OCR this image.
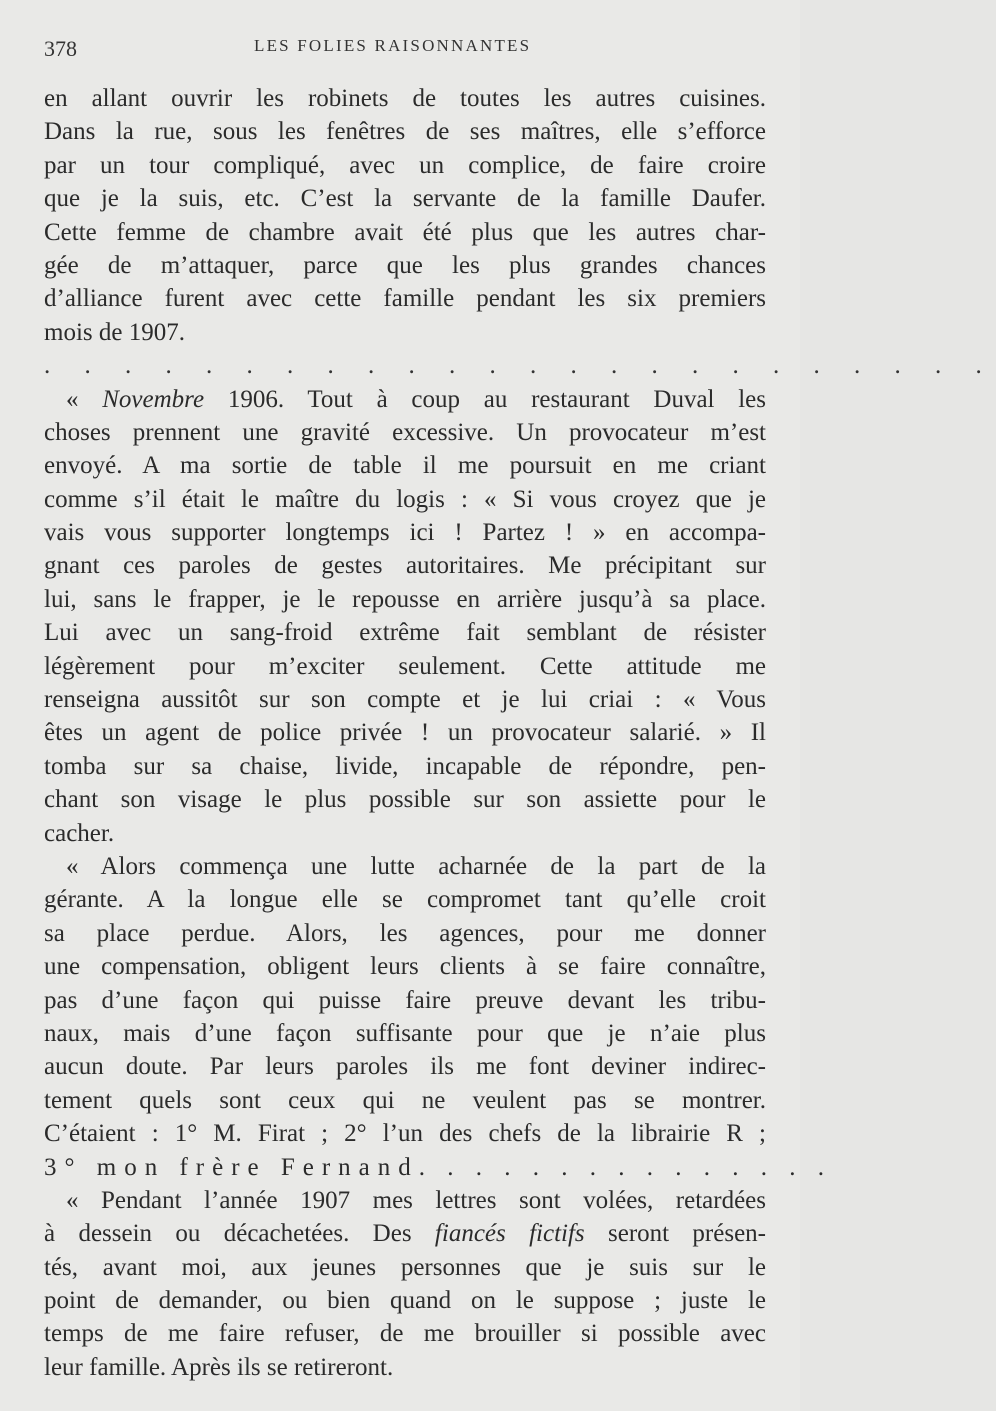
378	LES FOLIES RAISONNANTES
en allant ouvrir les robinets de toutes les autres cuisines.
Dans la rue, sous les fenêtres de ses maîtres, elle s’efforce
par un tour compliqué, avec un complice, de faire croire
que je la suis, etc. C’est la servante de la famille Daufer.
Cette femme de chambre avait été plus que les autres char-
gée de m’attaquer, parce que les plus grandes chances
d’alliance furent avec cette famille pendant les six premiers
mois de 1907.
. . . . . . . . . . . . . . . . . . . . . . . .
« Novembre 1906. Tout à coup au restaurant Duval les
choses prennent une gravité excessive. Un provocateur m’est
envoyé. A ma sortie de table il me poursuit en me criant
comme s’il était le maître du logis : « Si vous croyez que je
vais vous supporter longtemps ici ! Partez ! » en accompa-
gnant ces paroles de gestes autoritaires. Me précipitant sur
lui, sans le frapper, je le repousse en arrière jusqu’à sa place.
Lui avec un sang-froid extrême fait semblant de résister
légèrement pour m’exciter seulement. Cette attitude me
renseigna aussitôt sur son compte et je lui criai : « Vous
êtes un agent de police privée ! un provocateur salarié. » Il
tomba sur sa chaise, livide, incapable de répondre, pen-
chant son visage le plus possible sur son assiette pour le
cacher.
« Alors commença une lutte acharnée de la part de la
gérante. A la longue elle se compromet tant qu’elle croit
sa place perdue. Alors, les agences, pour me donner
une compensation, obligent leurs clients à se faire connaître,
pas d’une façon qui puisse faire preuve devant les tribu-
naux, mais d’une façon suffisante pour que je n’aie plus
aucun doute. Par leurs paroles ils me font deviner indirec-
tement quels sont ceux qui ne veulent pas se montrer.
C’étaient : 1° M. Firat ; 2° l’un des chefs de la librairie R ;
3° mon frère Fernand. . . . . . . . . . . . . . .
« Pendant l’année 1907 mes lettres sont volées, retardées
à dessein ou décachetées. Des fiancés fictifs seront présen-
tés, avant moi, aux jeunes personnes que je suis sur le
point de demander, ou bien quand on le suppose ; juste le
temps de me faire refuser, de me brouiller si possible avec
leur famille. Après ils se retireront.
